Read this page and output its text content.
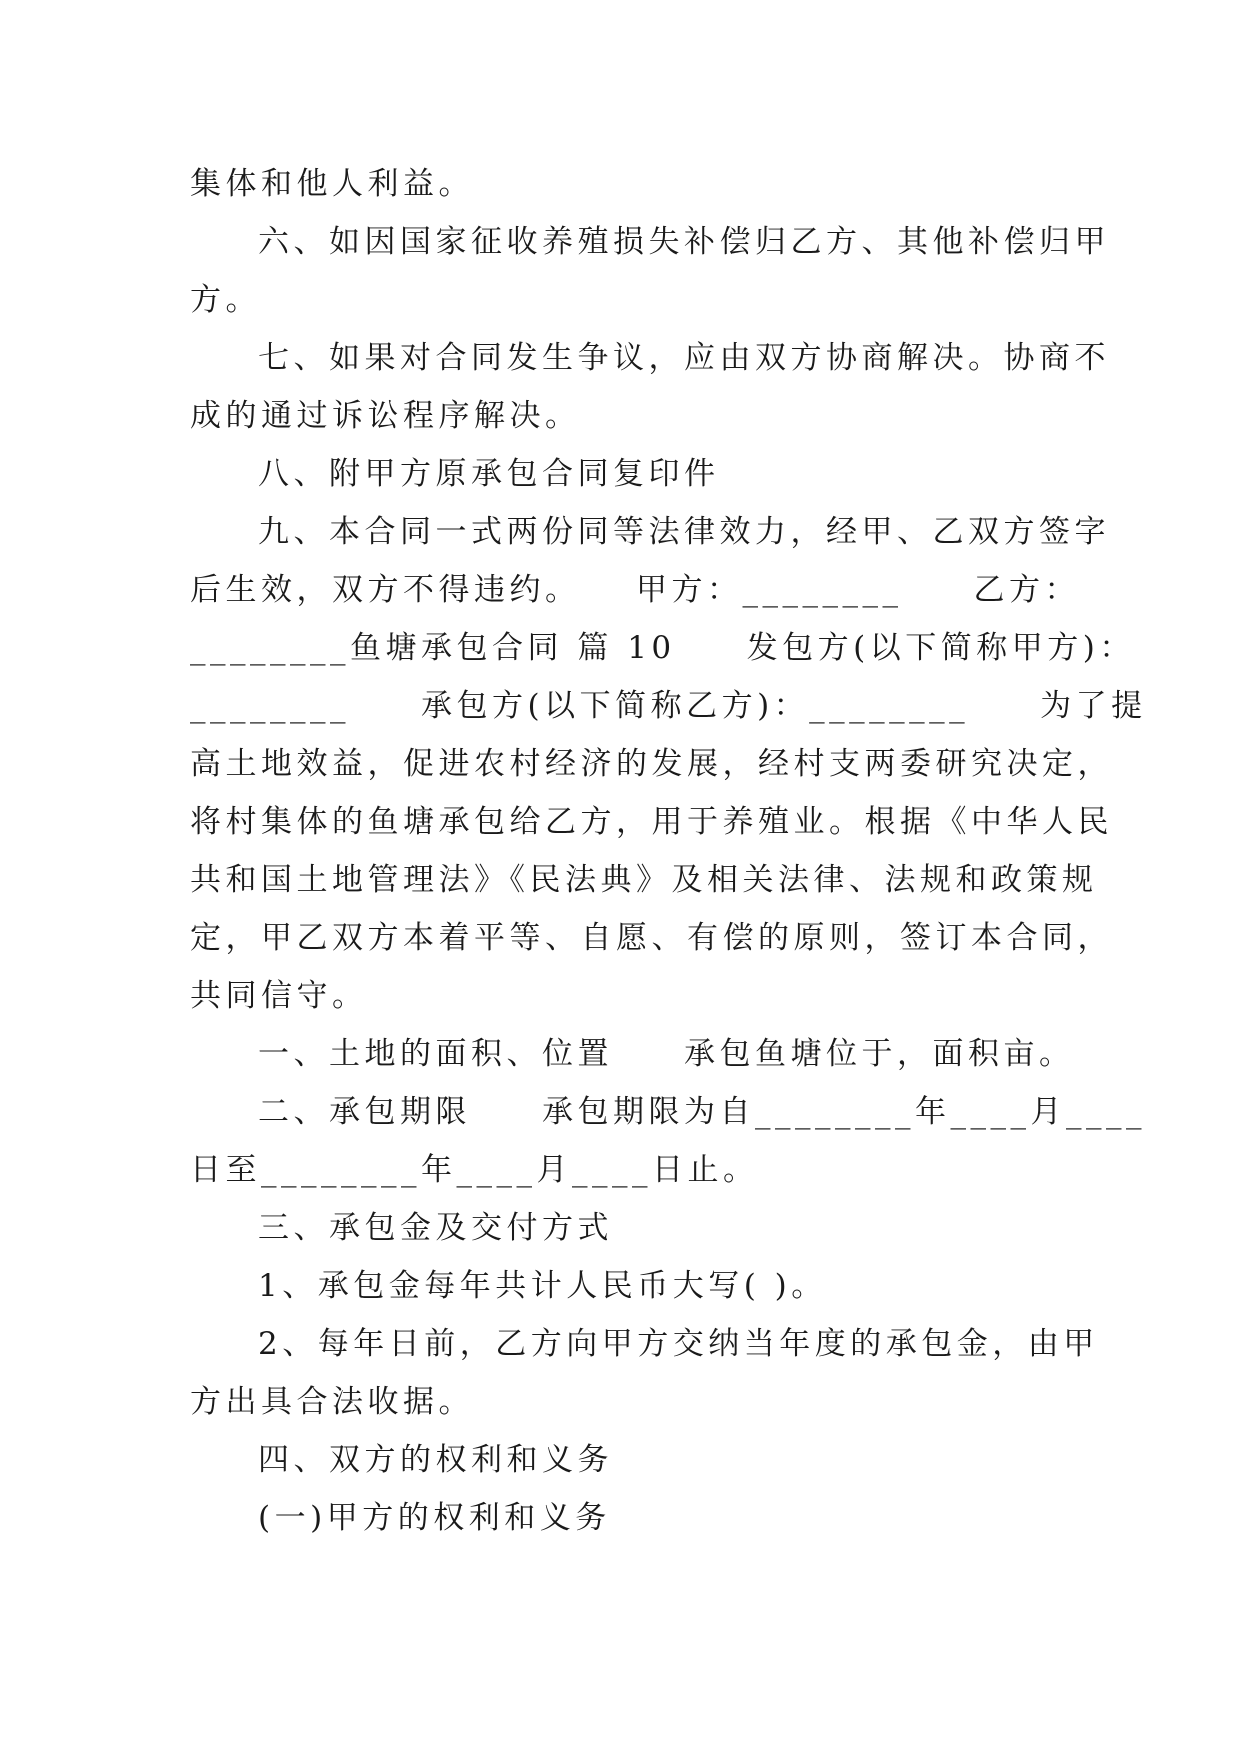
集体和他人利益。
六、如因国家征收养殖损失补偿归乙方、其他补偿归甲
方。
七、如果对合同发生争议，应由双方协商解决。协商不
成的通过诉讼程序解决。
八、附甲方原承包合同复印件
九、本合同一式两份同等法律效力，经甲、乙双方签字
后生效，双方不得违约。　　甲方：________　　乙方：
________鱼塘承包合同 篇 10　　发包方(以下简称甲方)：
________　　承包方(以下简称乙方)：________　　为了提
高土地效益，促进农村经济的发展，经村支两委研究决定，
将村集体的鱼塘承包给乙方，用于养殖业。根据《中华人民
共和国土地管理法》《民法典》及相关法律、法规和政策规
定，甲乙双方本着平等、自愿、有偿的原则，签订本合同，
共同信守。
一、土地的面积、位置　　承包鱼塘位于，面积亩。
二、承包期限　　承包期限为自________年____月____
日至________年____月____日止。
三、承包金及交付方式
1、承包金每年共计人民币大写( )。
2、每年日前，乙方向甲方交纳当年度的承包金，由甲
方出具合法收据。
四、双方的权利和义务
(一)甲方的权利和义务
